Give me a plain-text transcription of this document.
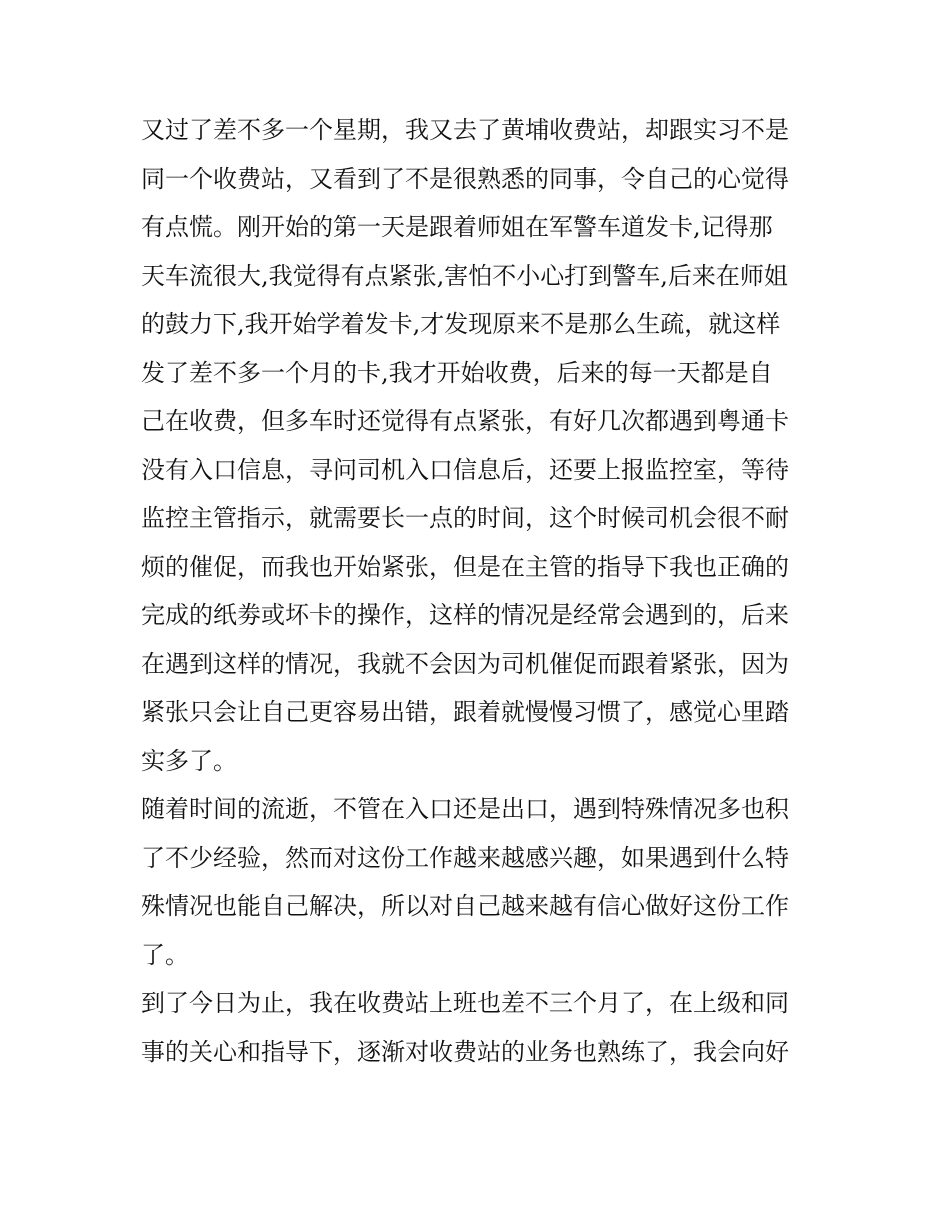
又过了差不多一个星期，我又去了黄埔收费站，却跟实习不是
同一个收费站，又看到了不是很熟悉的同事，令自己的心觉得
有点慌。刚开始的第一天是跟着师姐在军警车道发卡,记得那
天车流很大,我觉得有点紧张,害怕不小心打到警车,后来在师姐
的鼓力下,我开始学着发卡,才发现原来不是那么生疏，就这样
发了差不多一个月的卡,我才开始收费，后来的每一天都是自
己在收费，但多车时还觉得有点紧张，有好几次都遇到粤通卡
没有入口信息，寻问司机入口信息后，还要上报监控室，等待
监控主管指示，就需要长一点的时间，这个时候司机会很不耐
烦的催促，而我也开始紧张，但是在主管的指导下我也正确的
完成的纸劵或坏卡的操作，这样的情况是经常会遇到的，后来
在遇到这样的情况，我就不会因为司机催促而跟着紧张，因为
紧张只会让自己更容易出错，跟着就慢慢习惯了，感觉心里踏
实多了。
随着时间的流逝，不管在入口还是出口，遇到特殊情况多也积
了不少经验，然而对这份工作越来越感兴趣，如果遇到什么特
殊情况也能自己解决，所以对自己越来越有信心做好这份工作
了。
到了今日为止，我在收费站上班也差不三个月了，在上级和同
事的关心和指导下，逐渐对收费站的业务也熟练了，我会向好
